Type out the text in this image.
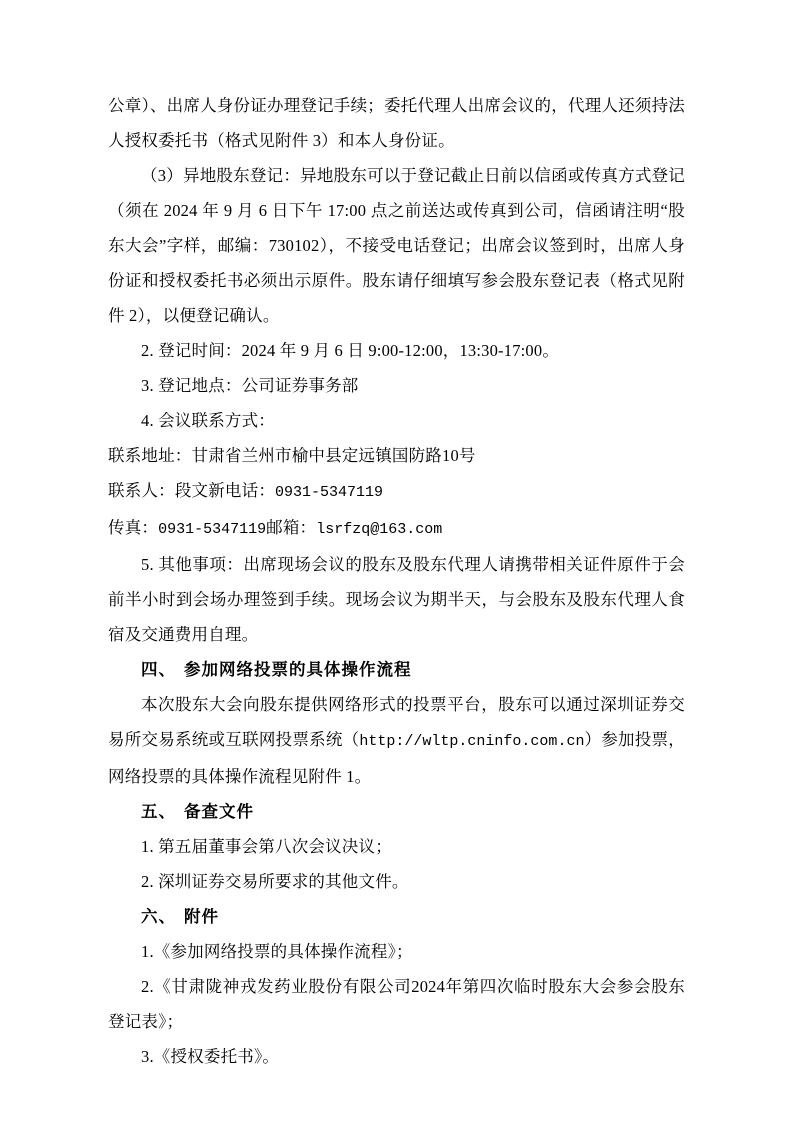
公章）、出席人身份证办理登记手续；委托代理人出席会议的，代理人还须持法人授权委托书（格式见附件 3）和本人身份证。

（3）异地股东登记：异地股东可以于登记截止日前以信函或传真方式登记（须在 2024 年 9 月 6 日下午 17:00 点之前送达或传真到公司，信函请注明“股东大会”字样，邮编：730102），不接受电话登记；出席会议签到时，出席人身份证和授权委托书必须出示原件。股东请仔细填写参会股东登记表（格式见附件 2），以便登记确认。

2. 登记时间：2024 年 9 月 6 日 9:00-12:00，13:30-17:00。

3. 登记地点：公司证券事务部

4. 会议联系方式：

联系地址：甘肃省兰州市榆中县定远镇国防路10号

联系人：段文新电话：0931-5347119

传真：0931-5347119邮箱：lsrfzq@163.com

5. 其他事项：出席现场会议的股东及股东代理人请携带相关证件原件于会前半小时到会场办理签到手续。现场会议为期半天，与会股东及股东代理人食宿及交通费用自理。

四、 参加网络投票的具体操作流程

本次股东大会向股东提供网络形式的投票平台，股东可以通过深圳证券交易所交易系统或互联网投票系统（http://wltp.cninfo.com.cn）参加投票，网络投票的具体操作流程见附件 1。

五、 备查文件

1. 第五届董事会第八次会议决议；

2. 深圳证券交易所要求的其他文件。

六、 附件

1.《参加网络投票的具体操作流程》；

2.《甘肃陇神戎发药业股份有限公司2024年第四次临时股东大会参会股东登记表》；

3.《授权委托书》。
